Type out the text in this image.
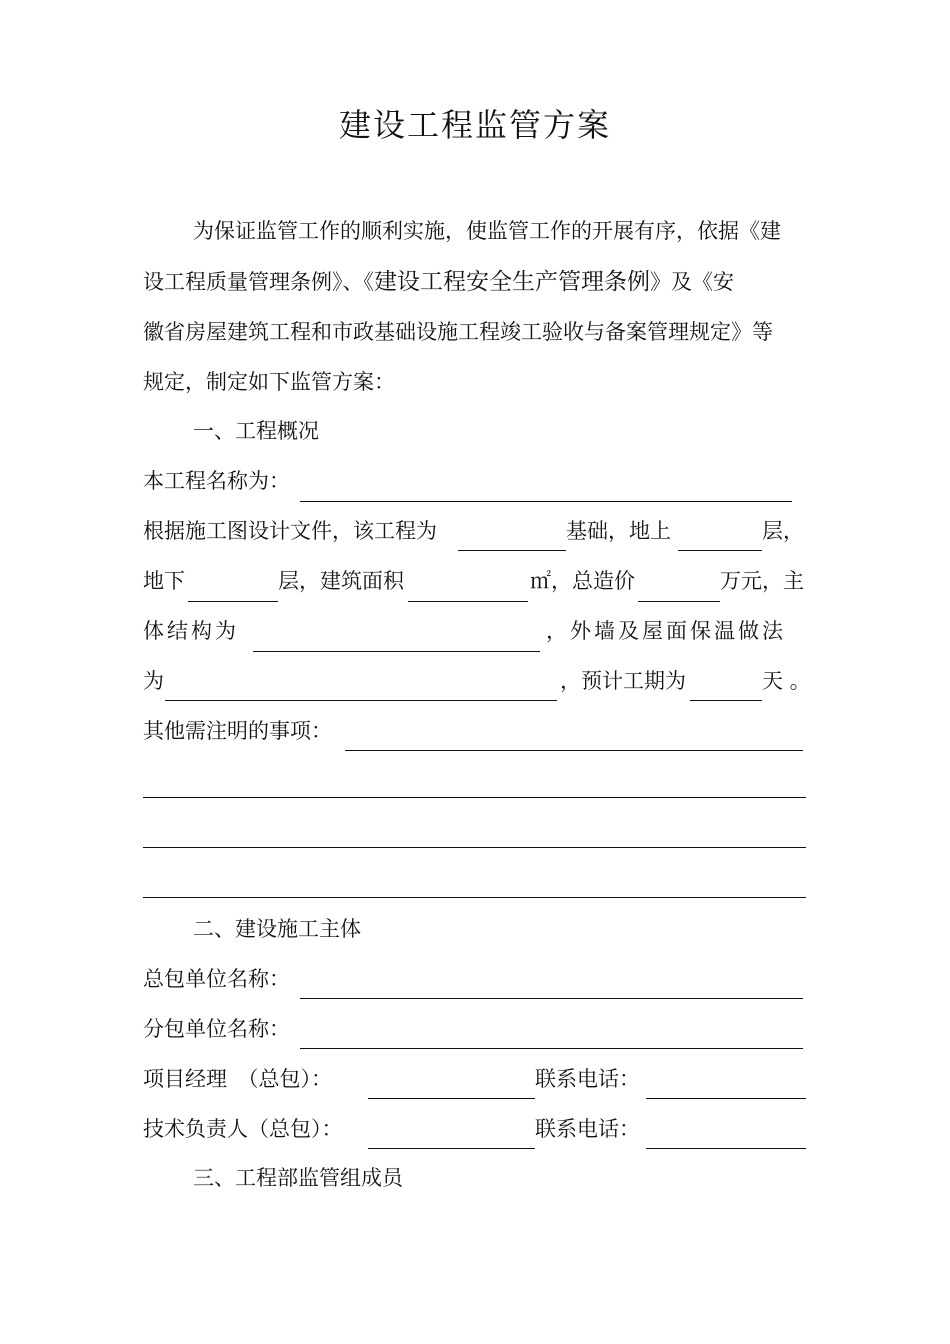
建设工程监管方案
为保证监管工作的顺利实施，使监管工作的开展有序，依据《建
设工程质量管理条例》、《建设工程安全生产管理条例》及《安
徽省房屋建筑工程和市政基础设施工程竣工验收与备案管理规定》等
规定，制定如下监管方案：
一、工程概况
本工程名称为：
根据施工图设计文件，该工程为	基础，地上	层，
地下	层，建筑面积	㎡，总造价	万元，主
体结构为	，外墙及屋面保温做法
为	，预计工期为	天 。
其他需注明的事项：
二、建设施工主体
总包单位名称：
分包单位名称：
项目经理　（总包）：	联系电话：
技术负责人（总包）：	联系电话：
三、工程部监管组成员
